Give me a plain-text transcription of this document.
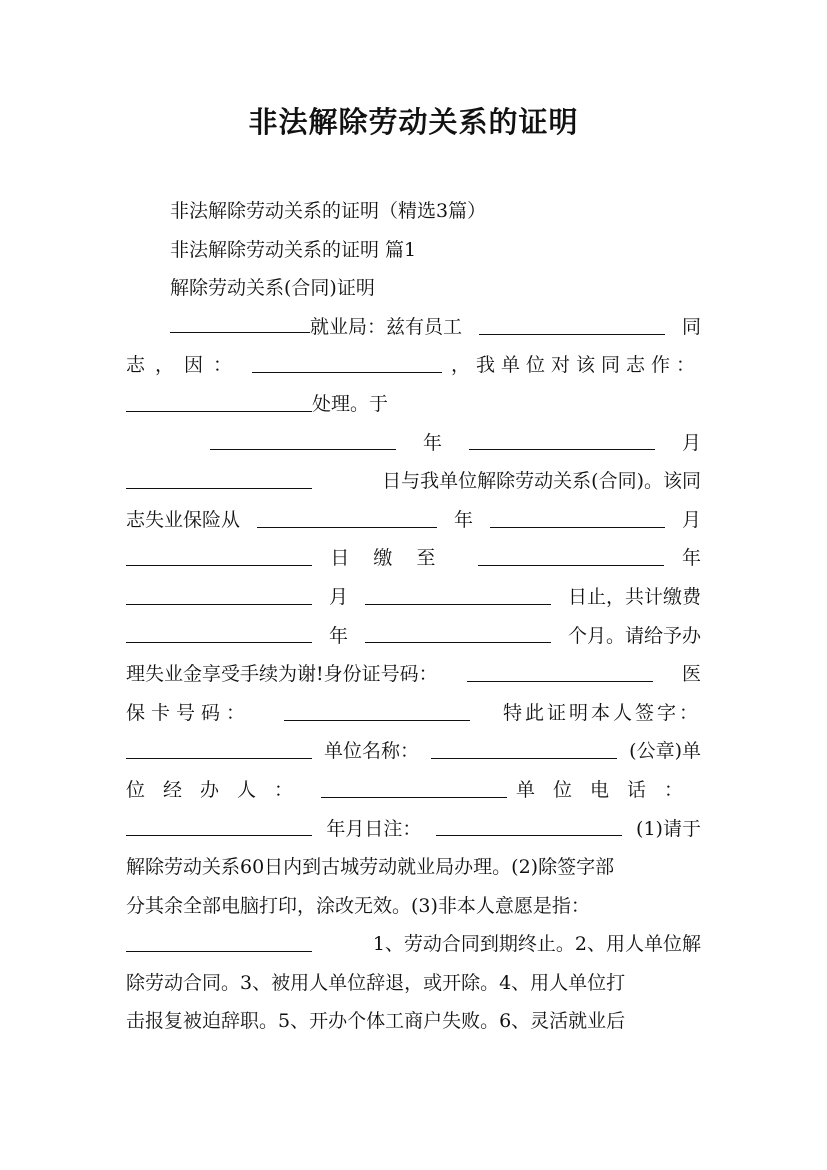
非法解除劳动关系的证明
非法解除劳动关系的证明（精选3篇）
非法解除劳动关系的证明 篇1
解除劳动关系(合同)证明
就业局：兹有员工	同
志，因：	，我单位对该同志作：
处理。于
年	月
日与我单位解除劳动关系(合同)。该同
志失业保险从	年	月
日缴至	年
月	日止，共计缴费
年	个月。请给予办
理失业金享受手续为谢!身份证号码：	医
保卡号码：	特此证明本人签字：
单位名称：	(公章)单
位经办人：	单位电话：
年月日注：	(1)请于
解除劳动关系60日内到古城劳动就业局办理。(2)除签字部
分其余全部电脑打印，涂改无效。(3)非本人意愿是指：
1、劳动合同到期终止。2、用人单位解
除劳动合同。3、被用人单位辞退，或开除。4、用人单位打
击报复被迫辞职。5、开办个体工商户失败。6、灵活就业后
